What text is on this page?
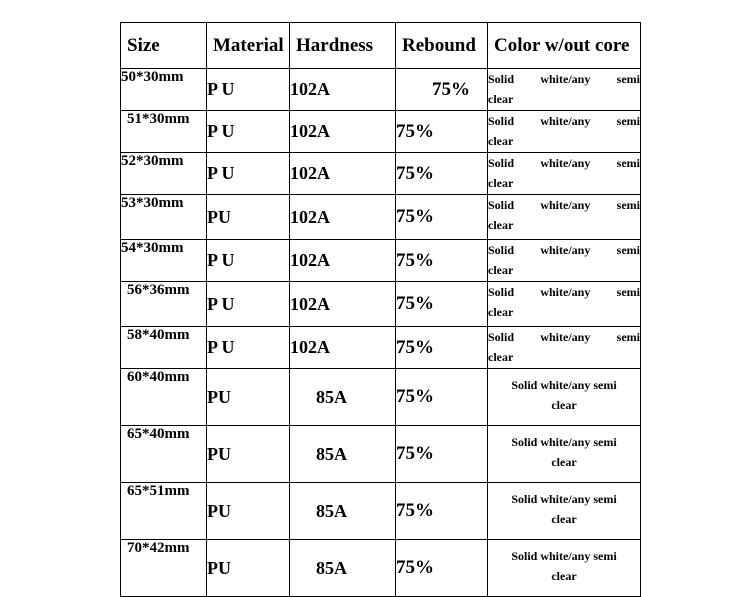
Size	Material	Hardness	Rebound	Color w/out core
50*30mm	P U	102A	75%	Solid white/any semi
clear
51*30mm	P U	102A	75%	Solid white/any semi
clear
52*30mm	P U	102A	75%	Solid white/any semi
clear
53*30mm	PU	102A	75%	Solid white/any semi
clear
54*30mm	P U	102A	75%	Solid white/any semi
clear
56*36mm	P U	102A	75%	Solid white/any semi
clear
58*40mm	P U	102A	75%	Solid white/any semi
clear
60*40mm	PU	85A	75%	Solid white/any semi
clear
65*40mm	PU	85A	75%	Solid white/any semi
clear
65*51mm	PU	85A	75%	Solid white/any semi
clear
70*42mm	PU	85A	75%	Solid white/any semi
clear
